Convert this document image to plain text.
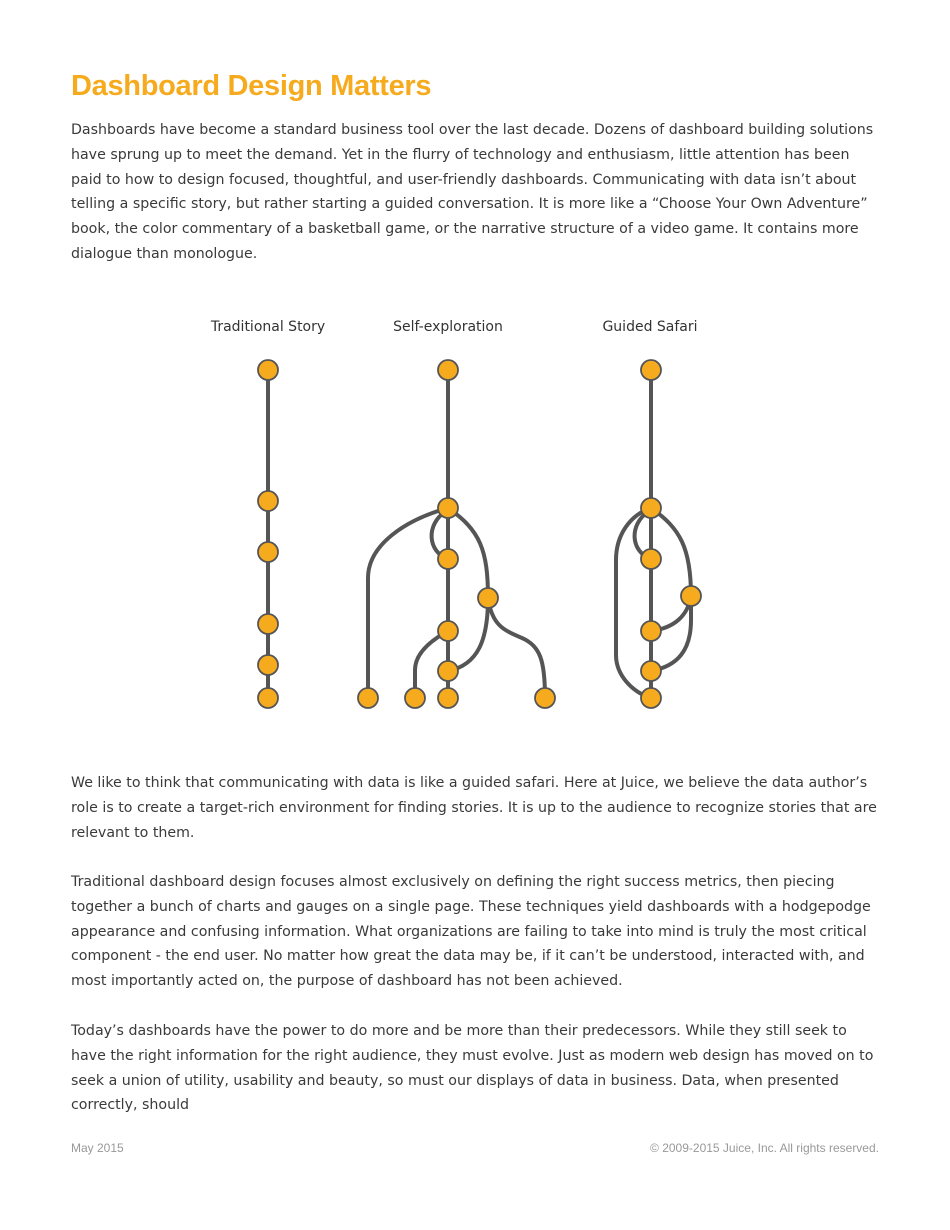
Dashboard Design Matters

Dashboards have become a standard business tool over the last decade. Dozens of dashboard building solutions have sprung up to meet the demand. Yet in the flurry of technology and enthusiasm, little attention has been paid to how to design focused, thoughtful, and user-friendly dashboards. Communicating with data isn’t about telling a specific story, but rather starting a guided conversation. It is more like a “Choose Your Own Adventure” book, the color commentary of a basketball game, or the narrative structure of a video game. It contains more dialogue than monologue.

Traditional Story	Self-exploration	Guided Safari

We like to think that communicating with data is like a guided safari. Here at Juice, we believe the data author’s role is to create a target-rich environment for finding stories. It is up to the audience to recognize stories that are relevant to them.

Traditional dashboard design focuses almost exclusively on defining the right success metrics, then piecing together a bunch of charts and gauges on a single page. These techniques yield dashboards with a hodgepodge appearance and confusing information. What organizations are failing to take into mind is truly the most critical component - the end user. No matter how great the data may be, if it can’t be understood, interacted with, and most importantly acted on, the purpose of dashboard has not been achieved.

Today’s dashboards have the power to do more and be more than their predecessors. While they still seek to have the right information for the right audience, they must evolve. Just as modern web design has moved on to seek a union of utility, usability and beauty, so must our displays of data in business. Data, when presented correctly, should

May 2015	© 2009-2015 Juice, Inc. All rights reserved.
